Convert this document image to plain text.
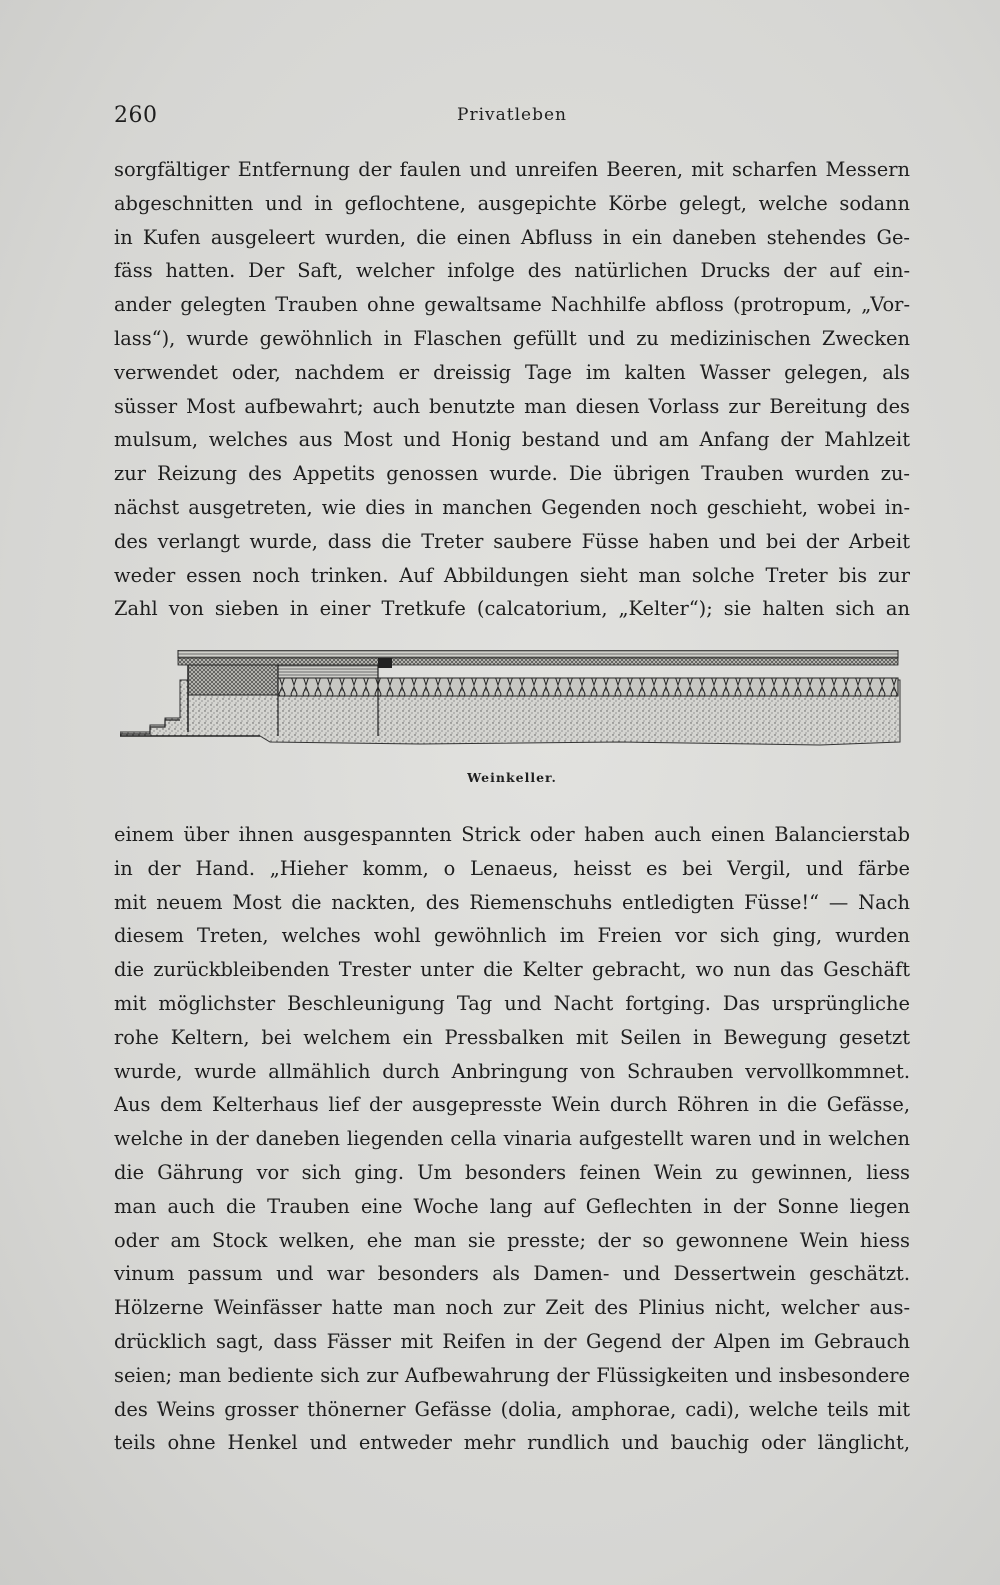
260	Privatleben
sorgfältiger Entfernung der faulen und unreifen Beeren, mit scharfen Messern
abgeschnitten und in geflochtene, ausgepichte Körbe gelegt, welche sodann
in Kufen ausgeleert wurden, die einen Abfluss in ein daneben stehendes Ge-
fäss hatten. Der Saft, welcher infolge des natürlichen Drucks der auf ein-
ander gelegten Trauben ohne gewaltsame Nachhilfe abfloss (protropum, „Vor-
lass“), wurde gewöhnlich in Flaschen gefüllt und zu medizinischen Zwecken
verwendet oder, nachdem er dreissig Tage im kalten Wasser gelegen, als
süsser Most aufbewahrt; auch benutzte man diesen Vorlass zur Bereitung des
mulsum, welches aus Most und Honig bestand und am Anfang der Mahlzeit
zur Reizung des Appetits genossen wurde. Die übrigen Trauben wurden zu-
nächst ausgetreten, wie dies in manchen Gegenden noch geschieht, wobei in-
des verlangt wurde, dass die Treter saubere Füsse haben und bei der Arbeit
weder essen noch trinken. Auf Abbildungen sieht man solche Treter bis zur
Zahl von sieben in einer Tretkufe (calcatorium, „Kelter“); sie halten sich an
Weinkeller.
einem über ihnen ausgespannten Strick oder haben auch einen Balancierstab
in der Hand. „Hieher komm, o Lenaeus, heisst es bei Vergil, und färbe
mit neuem Most die nackten, des Riemenschuhs entledigten Füsse!“ — Nach
diesem Treten, welches wohl gewöhnlich im Freien vor sich ging, wurden
die zurückbleibenden Trester unter die Kelter gebracht, wo nun das Geschäft
mit möglichster Beschleunigung Tag und Nacht fortging. Das ursprüngliche
rohe Keltern, bei welchem ein Pressbalken mit Seilen in Bewegung gesetzt
wurde, wurde allmählich durch Anbringung von Schrauben vervollkommnet.
Aus dem Kelterhaus lief der ausgepresste Wein durch Röhren in die Gefässe,
welche in der daneben liegenden cella vinaria aufgestellt waren und in welchen
die Gährung vor sich ging. Um besonders feinen Wein zu gewinnen, liess
man auch die Trauben eine Woche lang auf Geflechten in der Sonne liegen
oder am Stock welken, ehe man sie presste; der so gewonnene Wein hiess
vinum passum und war besonders als Damen- und Dessertwein geschätzt.
Hölzerne Weinfässer hatte man noch zur Zeit des Plinius nicht, welcher aus-
drücklich sagt, dass Fässer mit Reifen in der Gegend der Alpen im Gebrauch
seien; man bediente sich zur Aufbewahrung der Flüssigkeiten und insbesondere
des Weins grosser thönerner Gefässe (dolia, amphorae, cadi), welche teils mit
teils ohne Henkel und entweder mehr rundlich und bauchig oder länglicht,
